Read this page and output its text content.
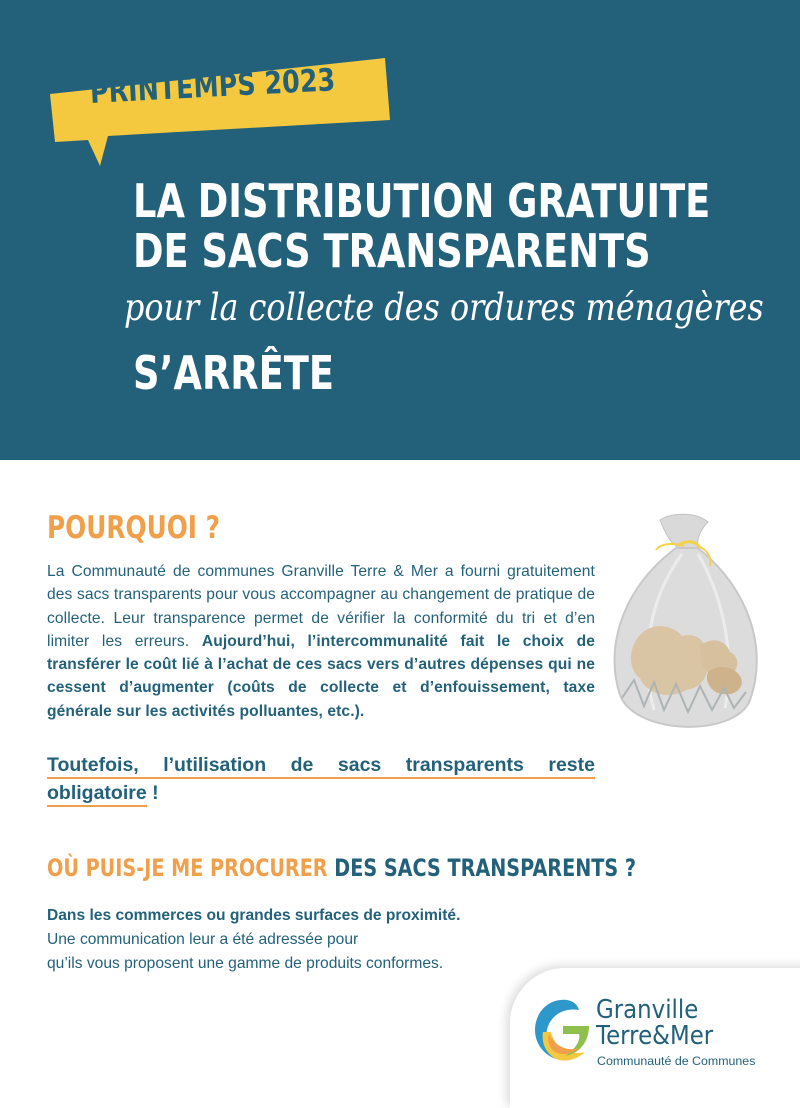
PRINTEMPS 2023
LA DISTRIBUTION GRATUITE
DE SACS TRANSPARENTS
pour la collecte des ordures ménagères
S’ARRÊTE
POURQUOI ?

La Communauté de communes Granville Terre & Mer a fourni gratuitement des sacs transparents pour vous accompagner au changement de pratique de collecte. Leur transparence permet de vérifier la conformité du tri et d’en limiter les erreurs. Aujourd’hui, l’intercommunalité fait le choix de transférer le coût lié à l’achat de ces sacs vers d’autres dépenses qui ne cessent d’augmenter (coûts de collecte et d’enfouissement, taxe générale sur les activités polluantes, etc.).

Toutefois, l’utilisation de sacs transparents reste obligatoire !

OÙ PUIS-JE ME PROCURER DES SACS TRANSPARENTS ?

Dans les commerces ou grandes surfaces de proximité.
Une communication leur a été adressée pour
qu’ils vous proposent une gamme de produits conformes.

Granville
Terre&Mer
Communauté de Communes
